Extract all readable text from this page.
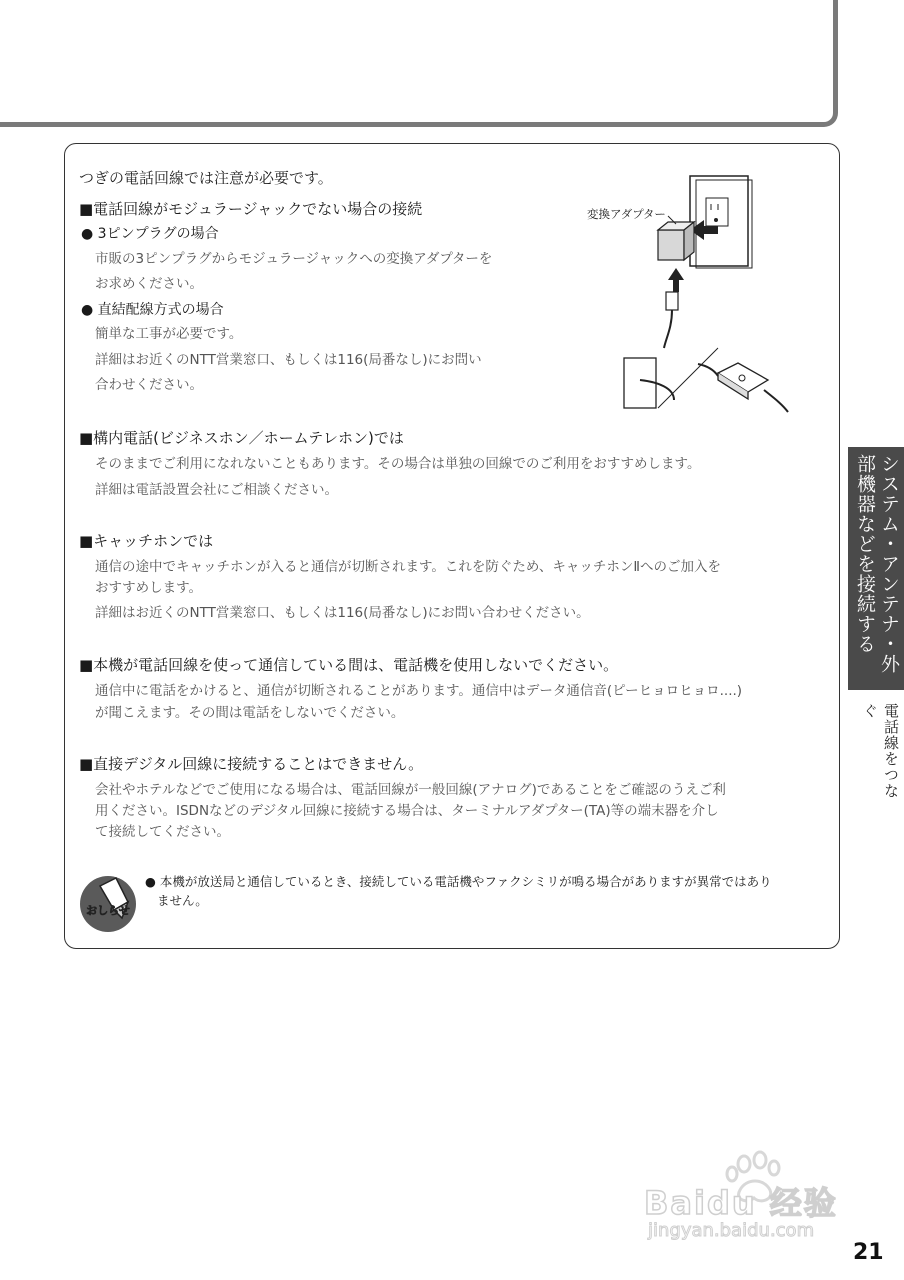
つぎの電話回線では注意が必要です。
■電話回線がモジュラージャックでない場合の接続
● 3ピンプラグの場合
市販の3ピンプラグからモジュラージャックへの変換アダプターを
お求めください。
● 直結配線方式の場合
簡単な工事が必要です。
詳細はお近くのNTT営業窓口、もしくは116(局番なし)にお問い
合わせください。
変換アダプター
■構内電話(ビジネスホン／ホームテレホン)では
そのままでご利用になれないこともあります。その場合は単独の回線でのご利用をおすすめします。
詳細は電話設置会社にご相談ください。
■キャッチホンでは
通信の途中でキャッチホンが入ると通信が切断されます。これを防ぐため、キャッチホンⅡへのご加入を
おすすめします。
詳細はお近くのNTT営業窓口、もしくは116(局番なし)にお問い合わせください。
■本機が電話回線を使って通信している間は、電話機を使用しないでください。
通信中に電話をかけると、通信が切断されることがあります。通信中はデータ通信音(ピーヒョロヒョロ....)
が聞こえます。その間は電話をしないでください。
■直接デジタル回線に接続することはできません。
会社やホテルなどでご使用になる場合は、電話回線が一般回線(アナログ)であることをご確認のうえご利
用ください。ISDNなどのデジタル回線に接続する場合は、ターミナルアダプター(TA)等の端末器を介し
て接続してください。
おしらせ
● 本機が放送局と通信しているとき、接続している電話機やファクシミリが鳴る場合がありますが異常ではあり
ません。
システム・アンテナ・外部機器などを接続する
電話線をつなぐ
Baidu 经验
jingyan.baidu.com
21
